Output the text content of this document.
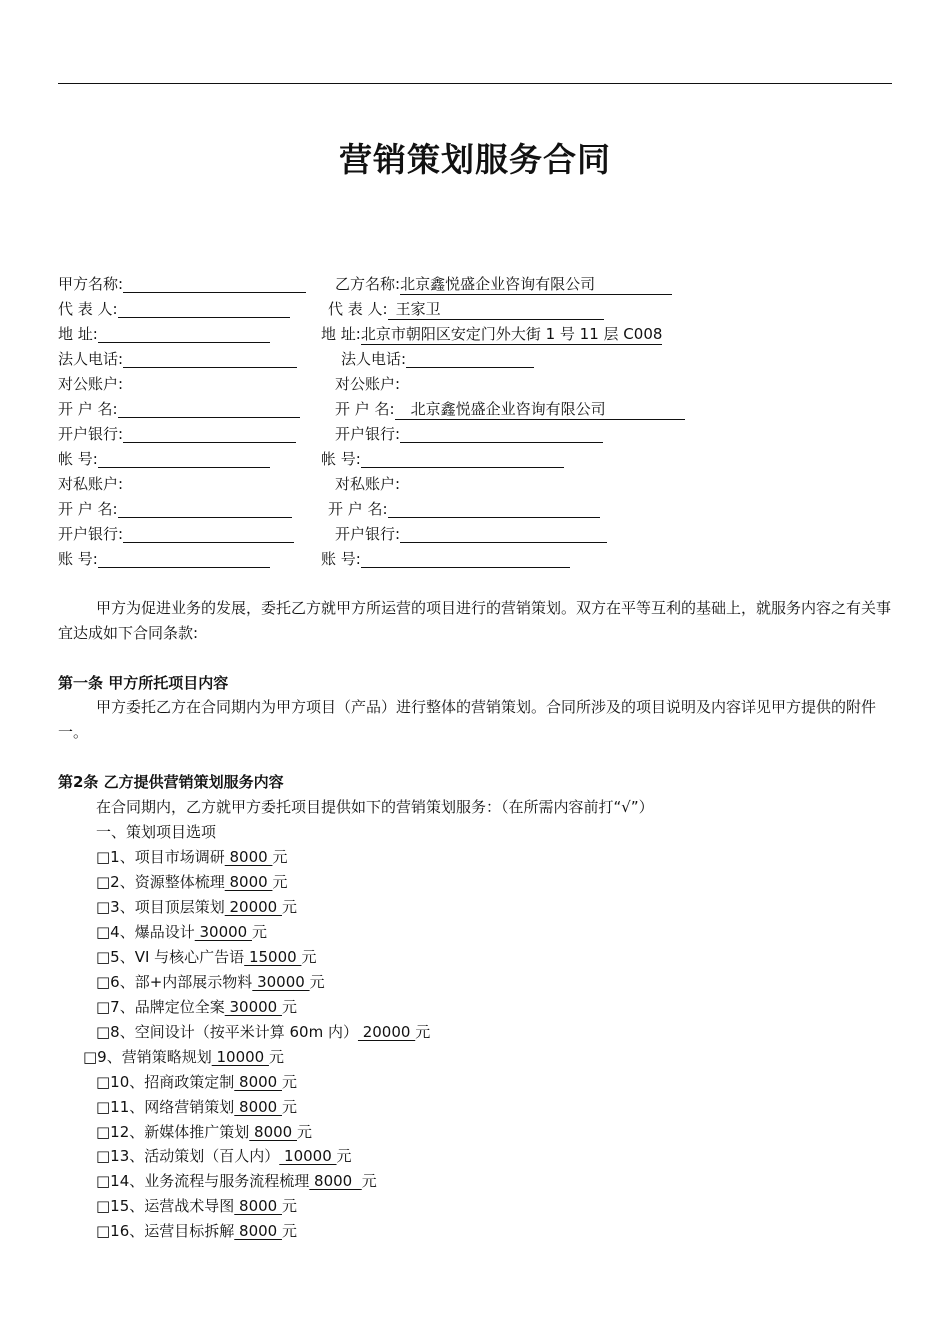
营销策划服务合同
甲方名称:
代 表 人:
地 址:
法人电话:
对公账户:
开 户 名:
开户银行:
帐 号:
对私账户:
开 户 名:
开户银行:
账 号:
乙方名称:北京鑫悦盛企业咨询有限公司
代 表 人: 王家卫
地 址:北京市朝阳区安定门外大街 1 号 11 层 C008
法人电话:
对公账户:
开 户 名: 北京鑫悦盛企业咨询有限公司
开户银行:
帐 号:
对私账户:
开 户 名:
开户银行:
账 号:
甲方为促进业务的发展，委托乙方就甲方所运营的项目进行的营销策划。双方在平等互利的基础上，就服务内容之有关事宜达成如下合同条款:
第一条 甲方所托项目内容
甲方委托乙方在合同期内为甲方项目（产品）进行整体的营销策划。合同所涉及的项目说明及内容详见甲方提供的附件一。
第2条 乙方提供营销策划服务内容
在合同期内，乙方就甲方委托项目提供如下的营销策划服务：（在所需内容前打“√”）
一、策划项目选项
□1、项目市场调研 8000 元
□2、资源整体梳理 8000 元
□3、项目顶层策划 20000 元
□4、爆品设计 30000 元
□5、VI 与核心广告语 15000 元
□6、部+内部展示物料 30000 元
□7、品牌定位全案 30000 元
□8、空间设计（按平米计算 60m 内） 20000 元
□9、营销策略规划 10000 元
□10、招商政策定制 8000 元
□11、网络营销策划 8000 元
□12、新媒体推广策划 8000 元
□13、活动策划（百人内） 10000 元
□14、业务流程与服务流程梳理 8000  元
□15、运营战术导图 8000 元
□16、运营目标拆解 8000 元
